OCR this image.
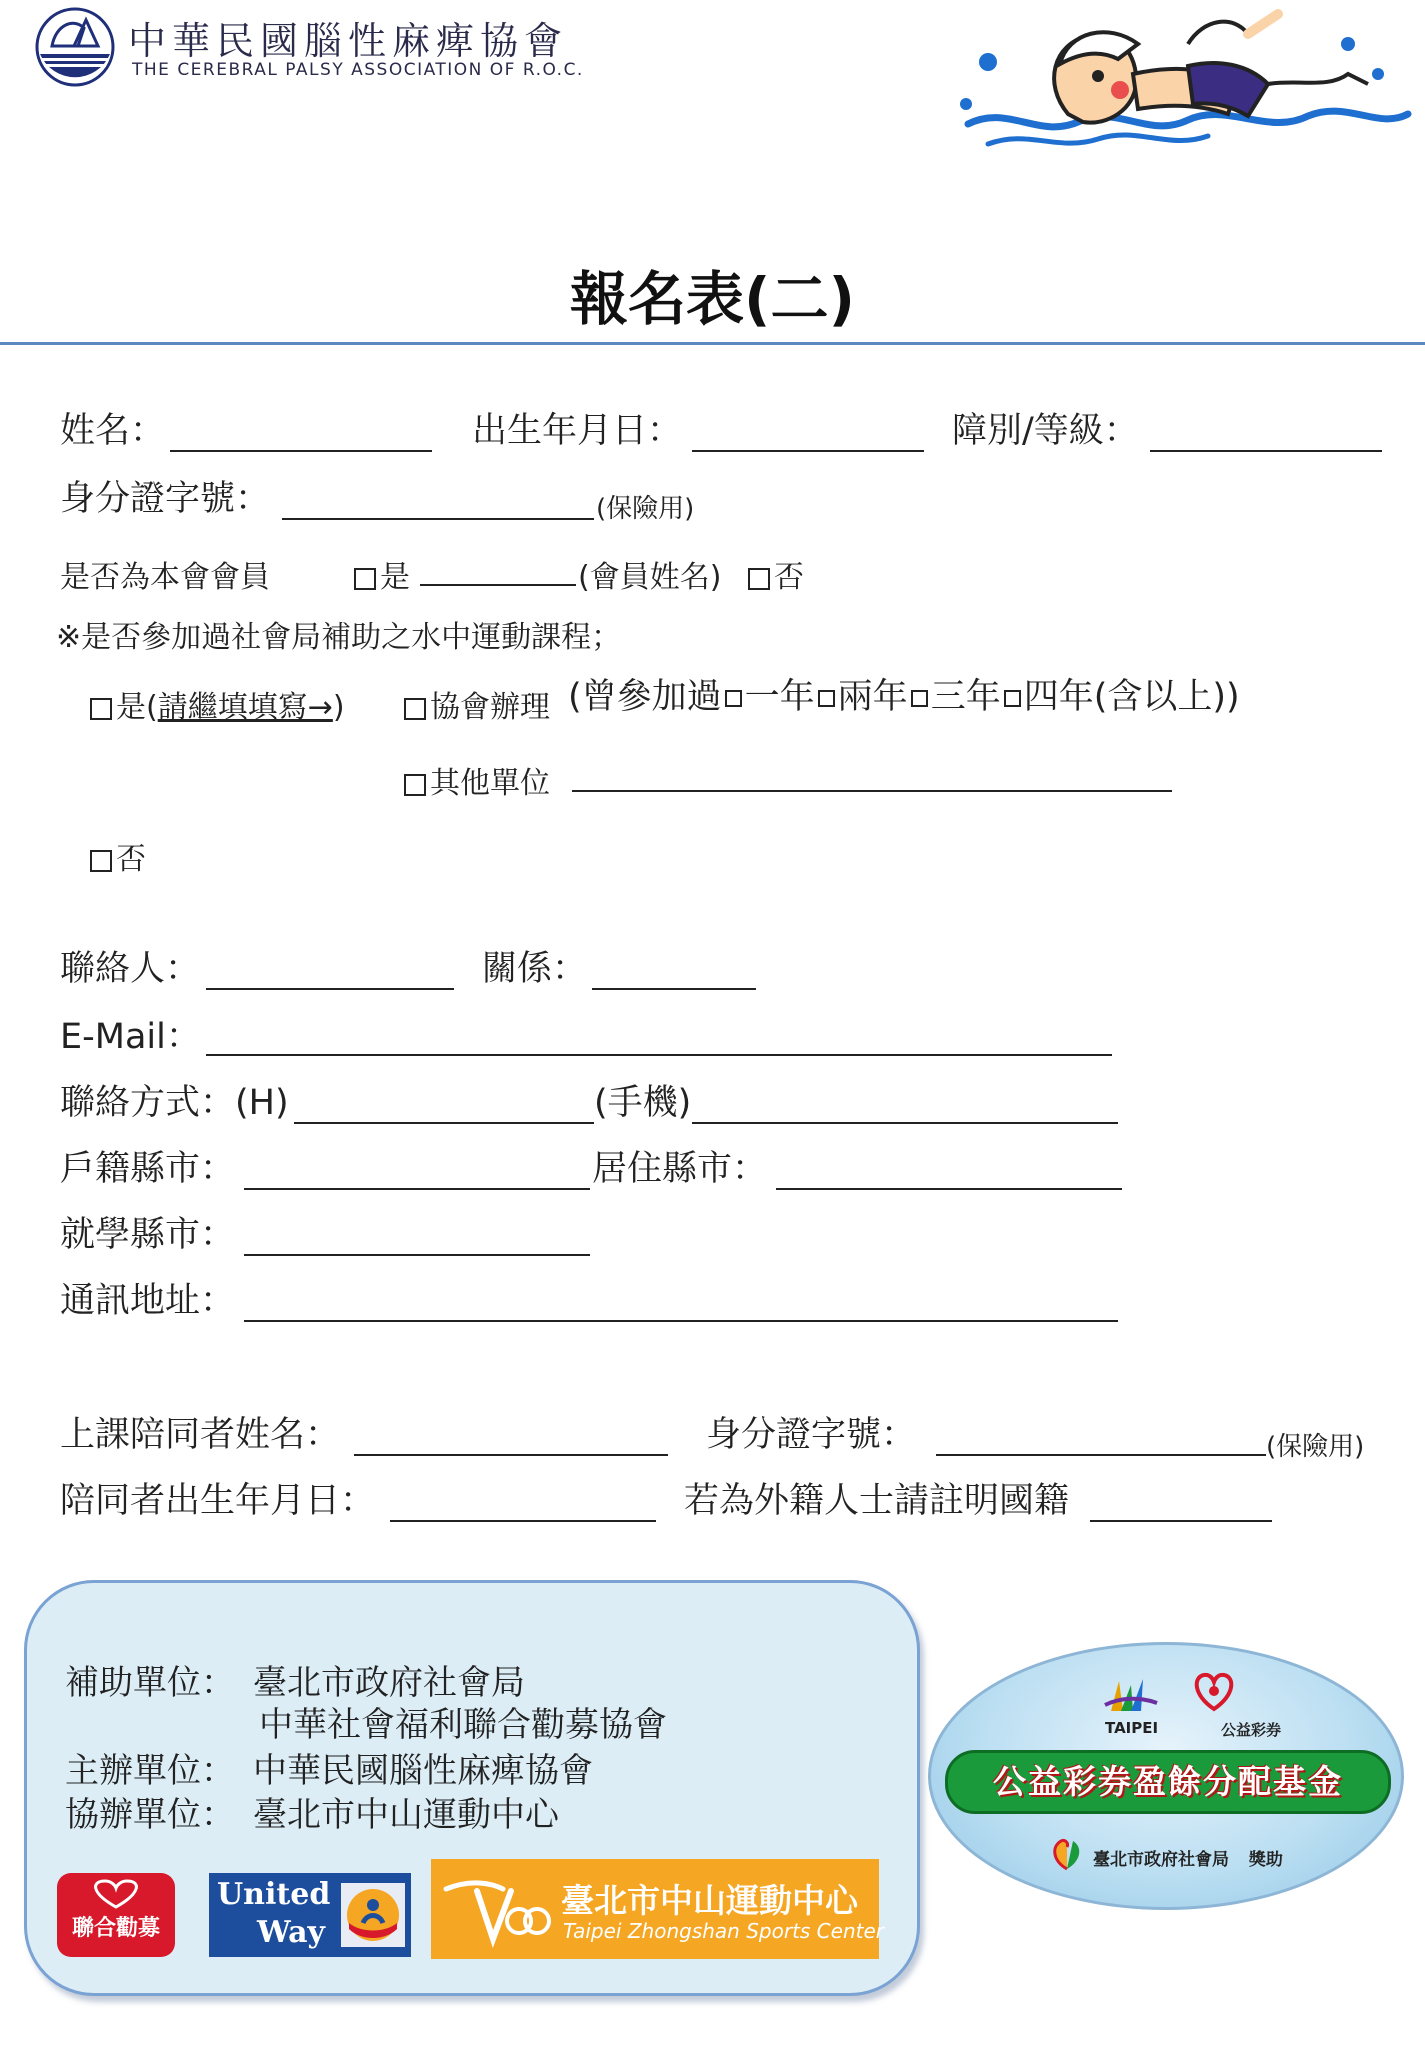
中華民國腦性麻痺協會
THE CEREBRAL PALSY ASSOCIATION OF R.O.C.
報名表(二)
姓名：	出生年月日：	障別/等級：
身分證字號：	(保險用)
是否為本會會員	是	(會員姓名)	否
※是否參加過社會局補助之水中運動課程；
是(請繼填填寫→)	協會辦理 (曾參加過 一年 兩年 三年 四年(含以上))
其他單位
否
聯絡人：	關係：
E-Mail：
聯絡方式：(H)	(手機)
戶籍縣市：	居住縣市：
就學縣市：
通訊地址：
上課陪同者姓名：	身分證字號：	(保險用)
陪同者出生年月日：	若為外籍人士請註明國籍
補助單位： 臺北市政府社會局
中華社會福利聯合勸募協會
主辦單位： 中華民國腦性麻痺協會
協辦單位： 臺北市中山運動中心
聯合勸募
United
Way
臺北市中山運動中心
Taipei Zhongshan Sports Center
TAIPEI	公益彩券
公益彩券盈餘分配基金
臺北市政府社會局 獎助
